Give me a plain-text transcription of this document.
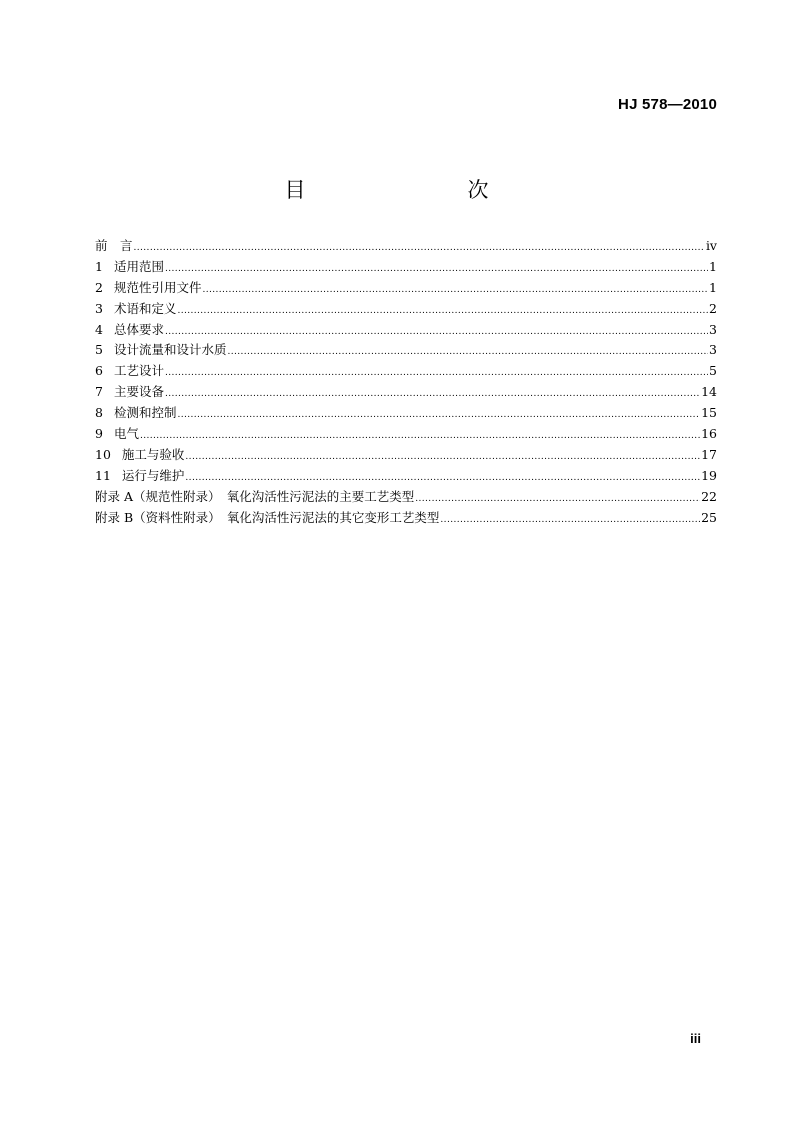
HJ 578—2010
目　　次
前　言 .....	iv
1 适用范围 .....	1
2 规范性引用文件 .....	1
3 术语和定义 .....	2
4 总体要求 .....	3
5 设计流量和设计水质 .....	3
6 工艺设计 .....	5
7 主要设备 .....	14
8 检测和控制 .....	15
9 电气 .....	16
10 施工与验收 .....	17
11 运行与维护 .....	19
附录 A（规范性附录）　氧化沟活性污泥法的主要工艺类型 .....	22
附录 B（资料性附录）　氧化沟活性污泥法的其它变形工艺类型 .....	25
iii
